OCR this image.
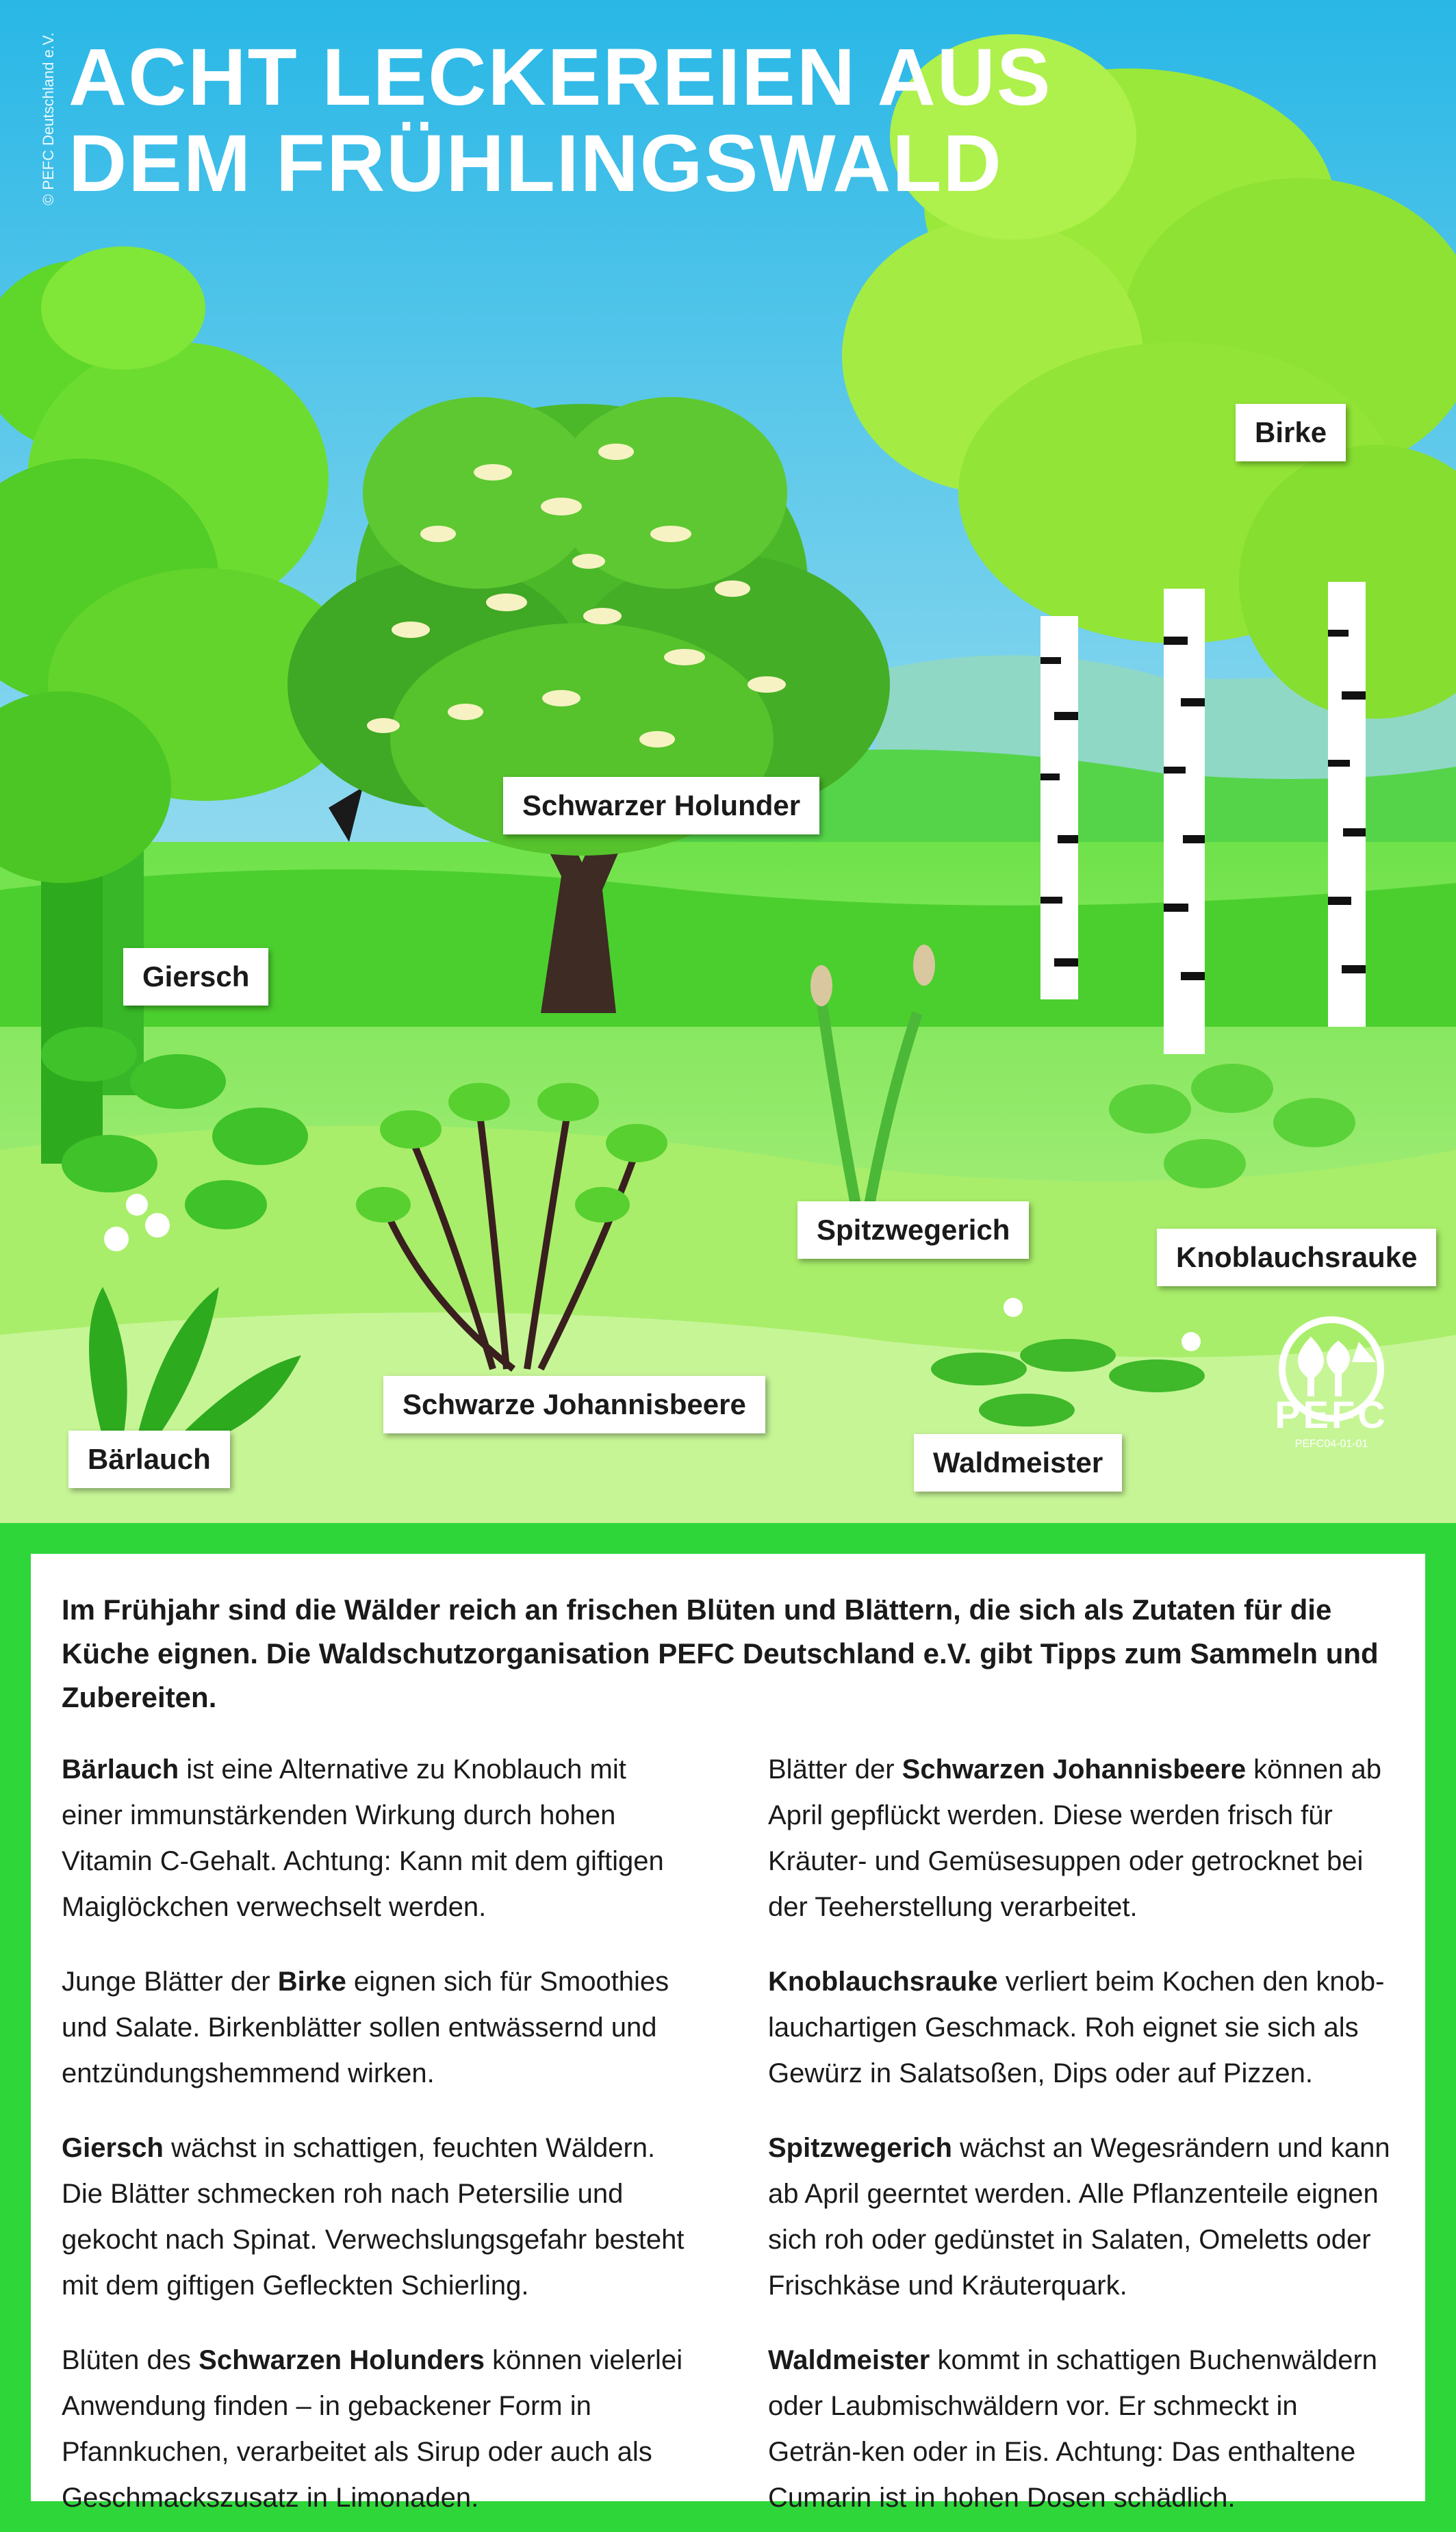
ACHT LECKEREIEN AUS
DEM FRÜHLINGSWALD
© PEFC Deutschland e.V.
Birke
Schwarzer Holunder
Giersch
Spitzwegerich
Knoblauchsrauke
Schwarze Johannisbeere
Bärlauch	Waldmeister
PEFC
PEFC04-01-01

Im Frühjahr sind die Wälder reich an frischen Blüten und Blättern, die sich als Zutaten für die Küche eignen. Die Waldschutzorganisation PEFC Deutschland e.V. gibt Tipps zum Sammeln und Zubereiten.

Bärlauch ist eine Alternative zu Knoblauch mit einer immunstärkenden Wirkung durch hohen Vitamin C-Gehalt. Achtung: Kann mit dem giftigen Maiglöckchen verwechselt werden.

Junge Blätter der Birke eignen sich für Smoothies und Salate. Birkenblätter sollen entwässernd und entzündungshemmend wirken.

Giersch wächst in schattigen, feuchten Wäldern. Die Blätter schmecken roh nach Petersilie und gekocht nach Spinat. Verwechslungsgefahr besteht mit dem giftigen Gefleckten Schierling.

Blüten des Schwarzen Holunders können vielerlei Anwendung finden – in gebackener Form in Pfannkuchen, verarbeitet als Sirup oder auch als Geschmackszusatz in Limonaden.

Blätter der Schwarzen Johannisbeere können ab April gepflückt werden. Diese werden frisch für Kräuter- und Gemüsesuppen oder getrocknet bei der Teeherstellung verarbeitet.

Knoblauchsrauke verliert beim Kochen den knob-lauchartigen Geschmack. Roh eignet sie sich als Gewürz in Salatsoßen, Dips oder auf Pizzen.

Spitzwegerich wächst an Wegesrändern und kann ab April geerntet werden. Alle Pflanzenteile eignen sich roh oder gedünstet in Salaten, Omeletts oder Frischkäse und Kräuterquark.

Waldmeister kommt in schattigen Buchenwäldern oder Laubmischwäldern vor. Er schmeckt in Geträn-ken oder in Eis. Achtung: Das enthaltene Cumarin ist in hohen Dosen schädlich.
